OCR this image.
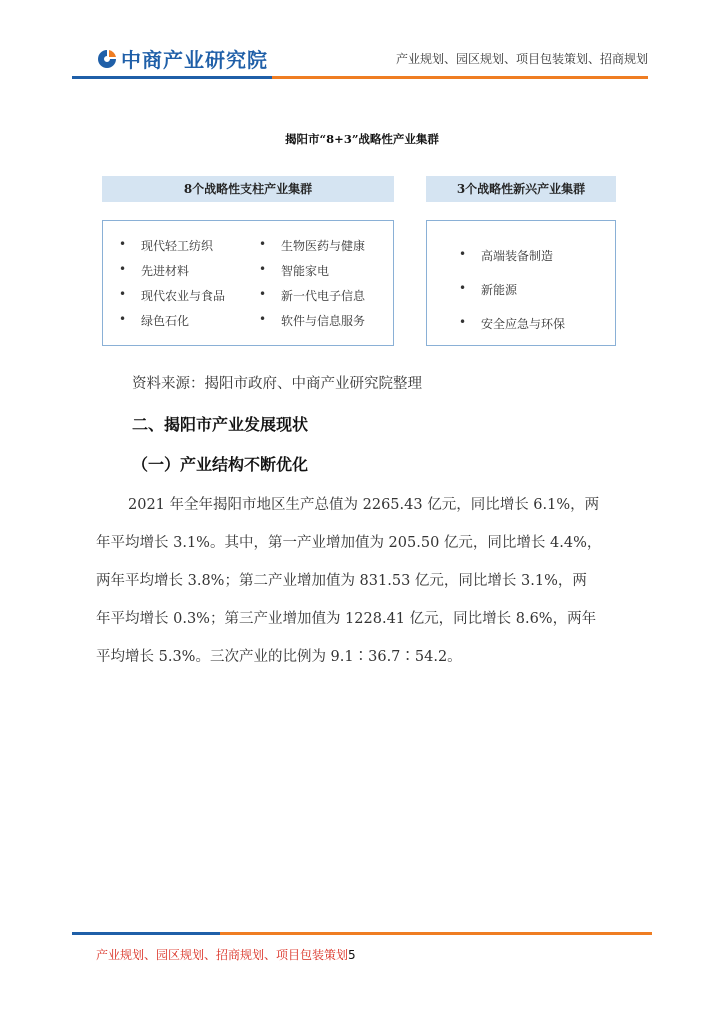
中商产业研究院	产业规划、园区规划、项目包装策划、招商规划
揭阳市“8+3”战略性产业集群
8个战略性支柱产业集群	3个战略性新兴产业集群
• 现代轻工纺织
• 先进材料
• 现代农业与食品
• 绿色石化
• 生物医药与健康
• 智能家电
• 新一代电子信息
• 软件与信息服务
• 高端装备制造
• 新能源
• 安全应急与环保
资料来源：揭阳市政府、中商产业研究院整理
二、揭阳市产业发展现状
（一）产业结构不断优化

2021 年全年揭阳市地区生产总值为 2265.43 亿元，同比增长 6.1%，两
年平均增长 3.1%。其中，第一产业增加值为 205.50 亿元，同比增长 4.4%，
两年平均增长 3.8%；第二产业增加值为 831.53 亿元，同比增长 3.1%，两
年平均增长 0.3%；第三产业增加值为 1228.41 亿元，同比增长 8.6%，两年
平均增长 5.3%。三次产业的比例为 9.1∶36.7∶54.2。

产业规划、园区规划、招商规划、项目包装策划5
